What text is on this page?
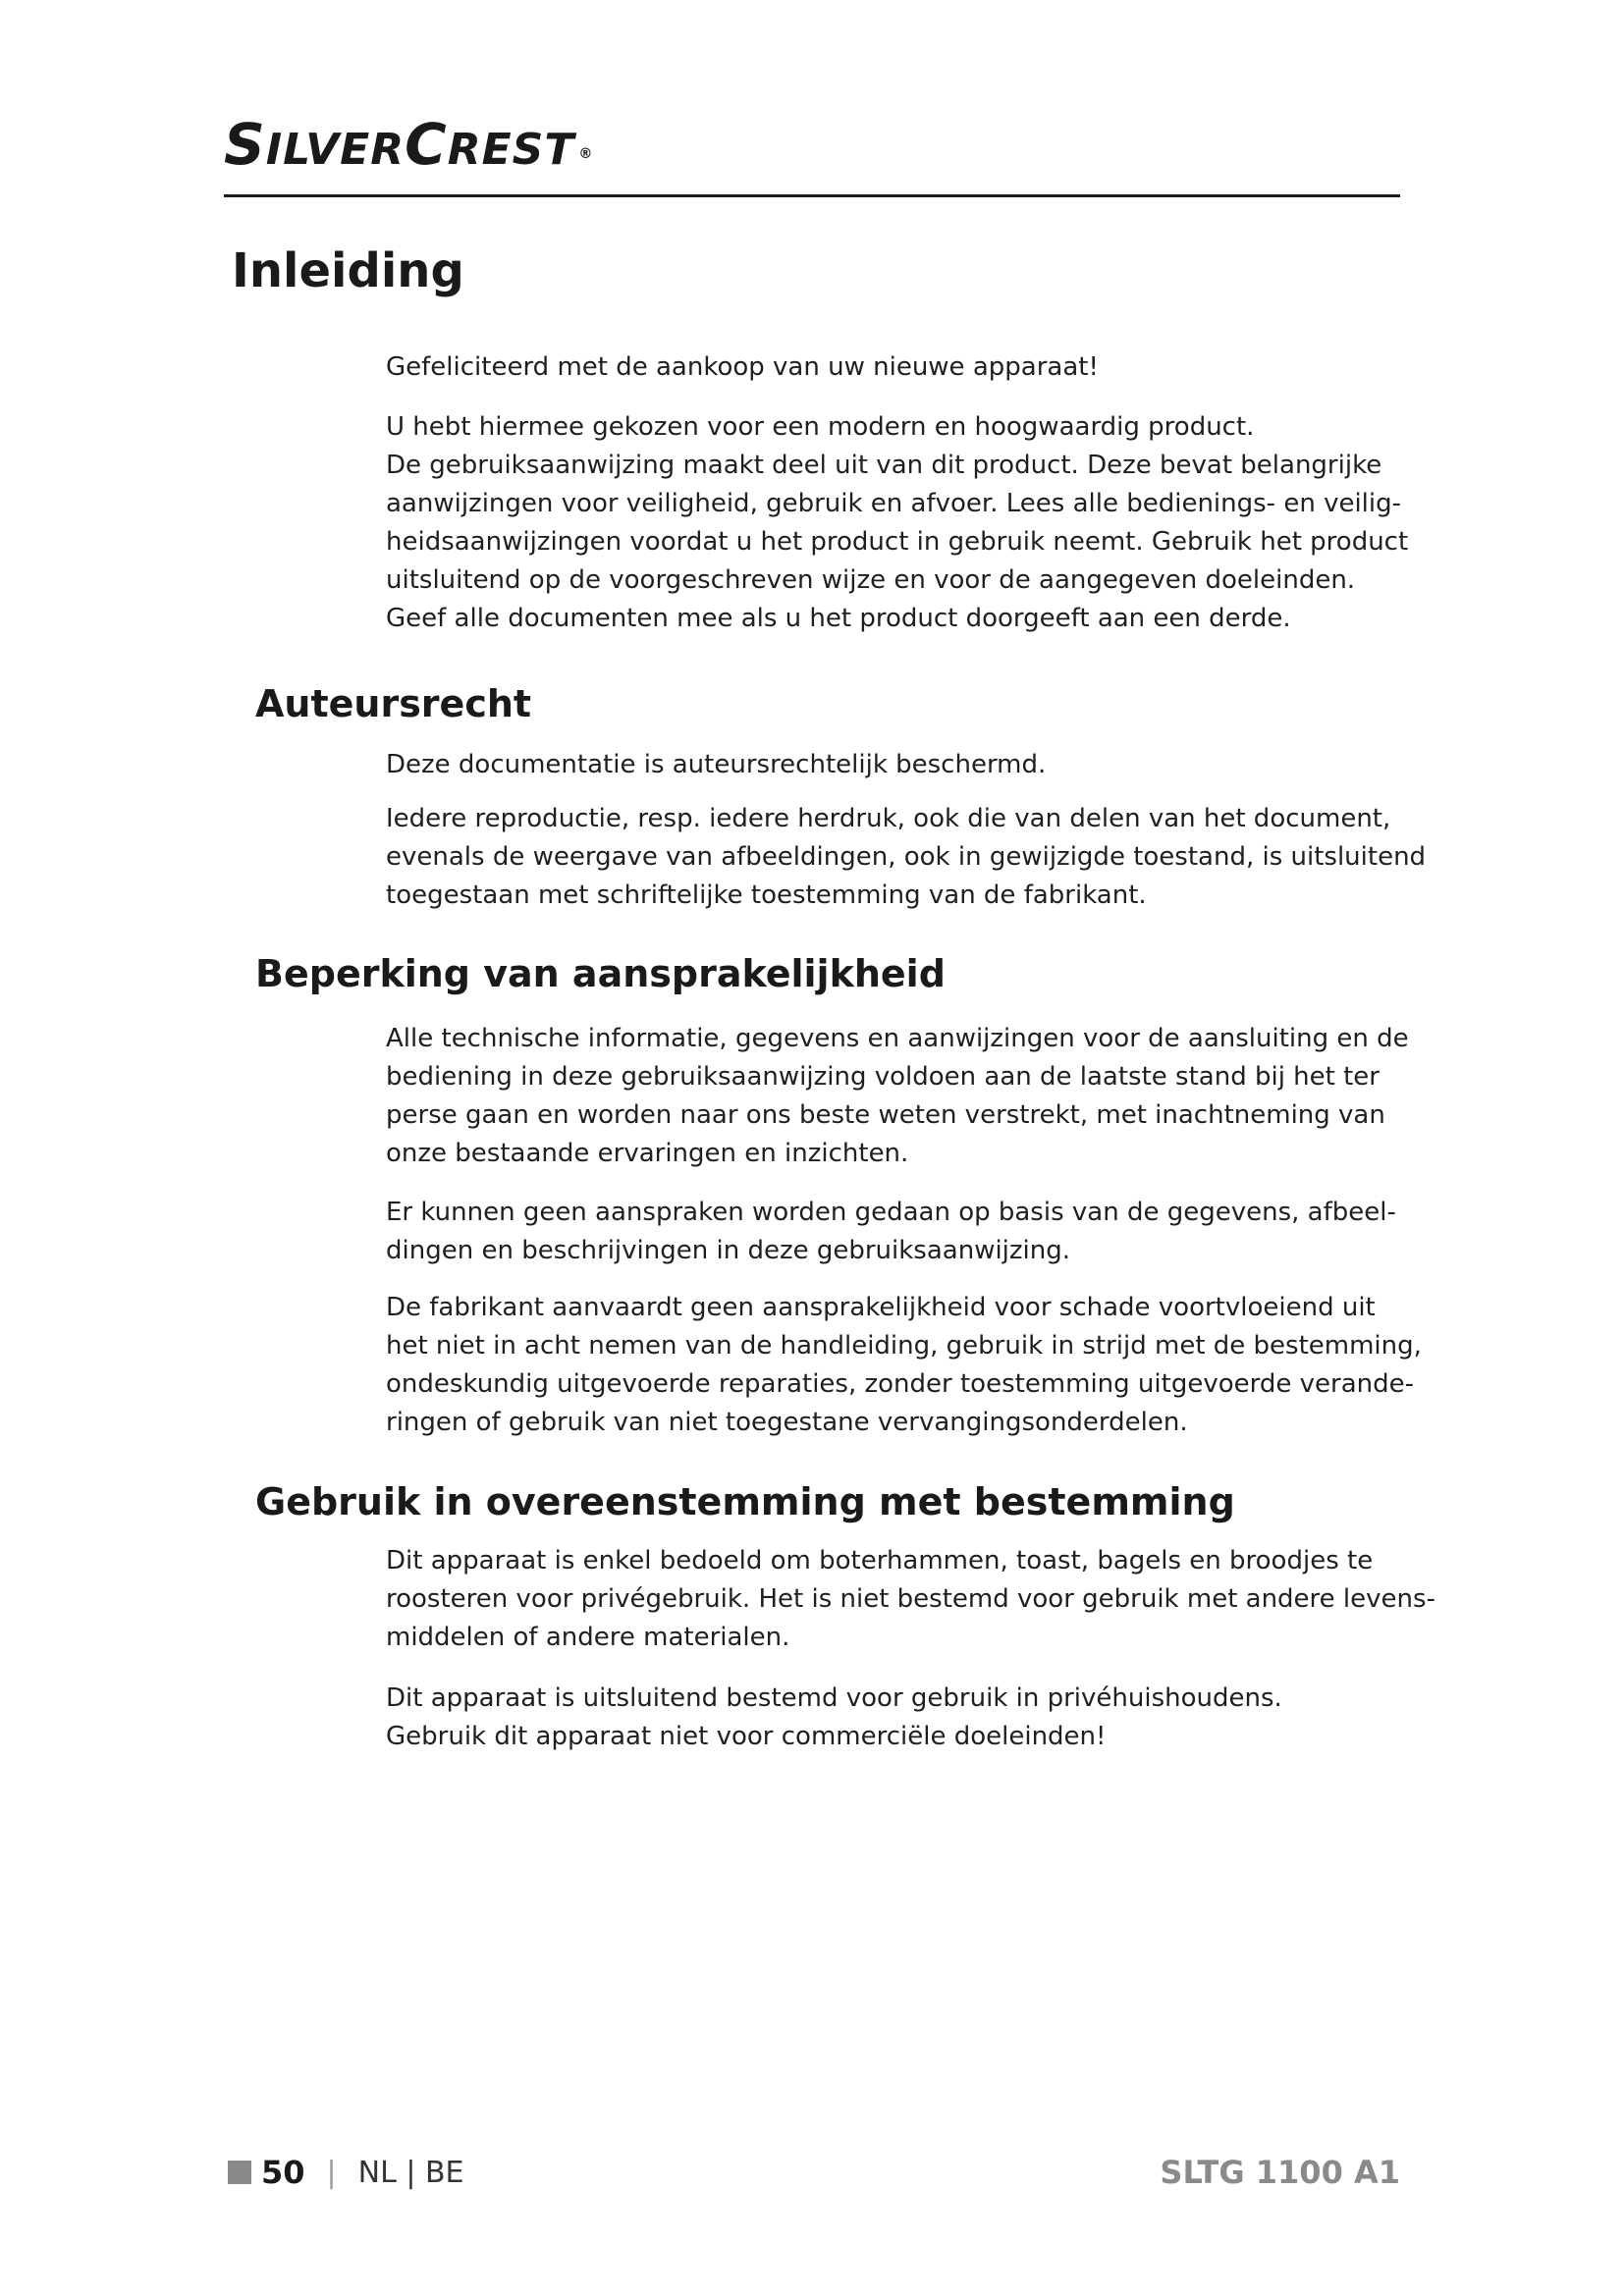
SILVERCREST ®
Inleiding

Gefeliciteerd met de aankoop van uw nieuwe apparaat!

U hebt hiermee gekozen voor een modern en hoogwaardig product.
De gebruiksaanwijzing maakt deel uit van dit product. Deze bevat belangrijke
aanwijzingen voor veiligheid, gebruik en afvoer. Lees alle bedienings- en veilig-
heidsaanwijzingen voordat u het product in gebruik neemt. Gebruik het product
uitsluitend op de voorgeschreven wijze en voor de aangegeven doeleinden.
Geef alle documenten mee als u het product doorgeeft aan een derde.

Auteursrecht

Deze documentatie is auteursrechtelijk beschermd.

Iedere reproductie, resp. iedere herdruk, ook die van delen van het document,
evenals de weergave van afbeeldingen, ook in gewijzigde toestand, is uitsluitend
toegestaan met schriftelijke toestemming van de fabrikant.

Beperking van aansprakelijkheid

Alle technische informatie, gegevens en aanwijzingen voor de aansluiting en de
bediening in deze gebruiksaanwijzing voldoen aan de laatste stand bij het ter
perse gaan en worden naar ons beste weten verstrekt, met inachtneming van
onze bestaande ervaringen en inzichten.

Er kunnen geen aanspraken worden gedaan op basis van de gegevens, afbeel-
dingen en beschrijvingen in deze gebruiksaanwijzing.

De fabrikant aanvaardt geen aansprakelijkheid voor schade voortvloeiend uit
het niet in acht nemen van de handleiding, gebruik in strijd met de bestemming,
ondeskundig uitgevoerde reparaties, zonder toestemming uitgevoerde verande-
ringen of gebruik van niet toegestane vervangingsonderdelen.

Gebruik in overeenstemming met bestemming

Dit apparaat is enkel bedoeld om boterhammen, toast, bagels en broodjes te
roosteren voor privégebruik. Het is niet bestemd voor gebruik met andere levens-
middelen of andere materialen.

Dit apparaat is uitsluitend bestemd voor gebruik in privéhuishoudens.
Gebruik dit apparaat niet voor commerciële doeleinden!

50 | NL | BE	SLTG 1100 A1
